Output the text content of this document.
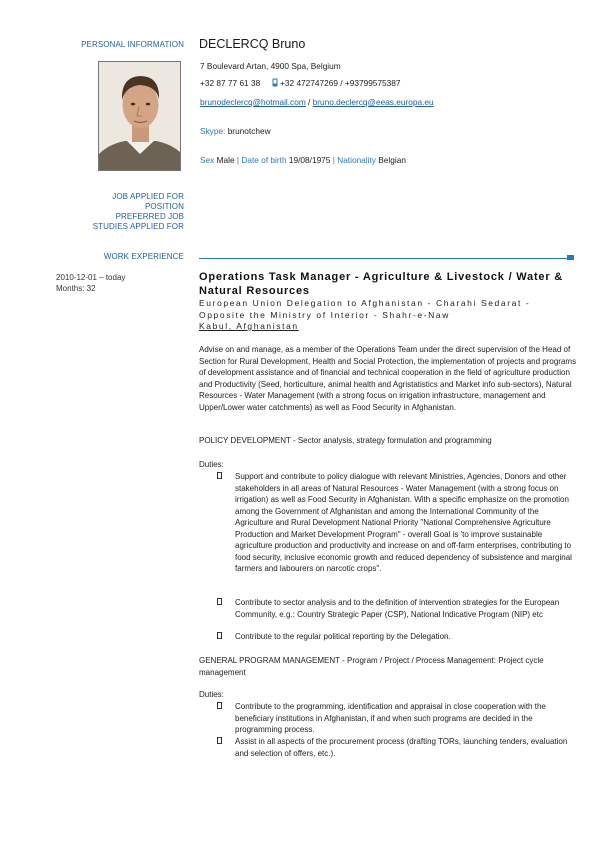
PERSONAL INFORMATION
JOB APPLIED FOR
POSITION
PREFERRED JOB
STUDIES APPLIED FOR
WORK EXPERIENCE
DECLERCQ Bruno
7 Boulevard Artan, 4900 Spa, Belgium
+32 87 77 61 38 +32 472747269 / +93799575387
brunodeclercq@hotmail.com / bruno.declercq@eeas.europa.eu
Skype: brunotchew
Sex Male | Date of birth 19/08/1975 | Nationality Belgian
2010-12-01 – today
Months: 32
Operations Task Manager - Agriculture & Livestock / Water & Natural Resources
European Union Delegation to Afghanistan - Charahi Sedarat - Opposite the Ministry of Interior - Shahr-e-Naw
Kabul, Afghanistan
Advise on and manage, as a member of the Operations Team under the direct supervision of the Head of Section for Rural Development, Health and Social Protection, the implementation of projects and programs of development assistance and of financial and technical cooperation in the field of agriculture production and Productivity (Seed, horticulture, animal health and Agristatistics and Market info sub-sectors), Natural Resources - Water Management (with a strong focus on irrigation infrastructure, management and Upper/Lower water catchments) as well as Food Security in Afghanistan.
POLICY DEVELOPMENT - Sector analysis, strategy formulation and programming
Duties:
Support and contribute to policy dialogue with relevant Ministries, Agencies, Donors and other stakeholders in all areas of Natural Resources - Water Management (with a strong focus on irrigation) as well as Food Security in Afghanistan. With a specific emphasize on the promotion among the Government of Afghanistan and among the International Community of the Agriculture and Rural Development National Priority "National Comprehensive Agriculture Production and Market Development Program" - overall Goal is 'to improve sustainable agriculture production and productivity and increase on and off-farm enterprises, contributing to food security, inclusive economic growth and reduced dependency of subsistence and marginal farmers and labourers on narcotic crops".
Contribute to sector analysis and to the definition of intervention strategies for the European Community, e.g.: Country Strategic Paper (CSP), National Indicative Program (NIP) etc
Contribute to the regular political reporting by the Delegation.
GENERAL PROGRAM MANAGEMENT - Program / Project / Process Management: Project cycle management
Duties:
Contribute to the programming, identification and appraisal in close cooperation with the beneficiary institutions in Afghanistan, if and when such programs are decided in the programming process.
Assist in all aspects of the procurement process (drafting TORs, launching tenders, evaluation and selection of offers, etc.).
